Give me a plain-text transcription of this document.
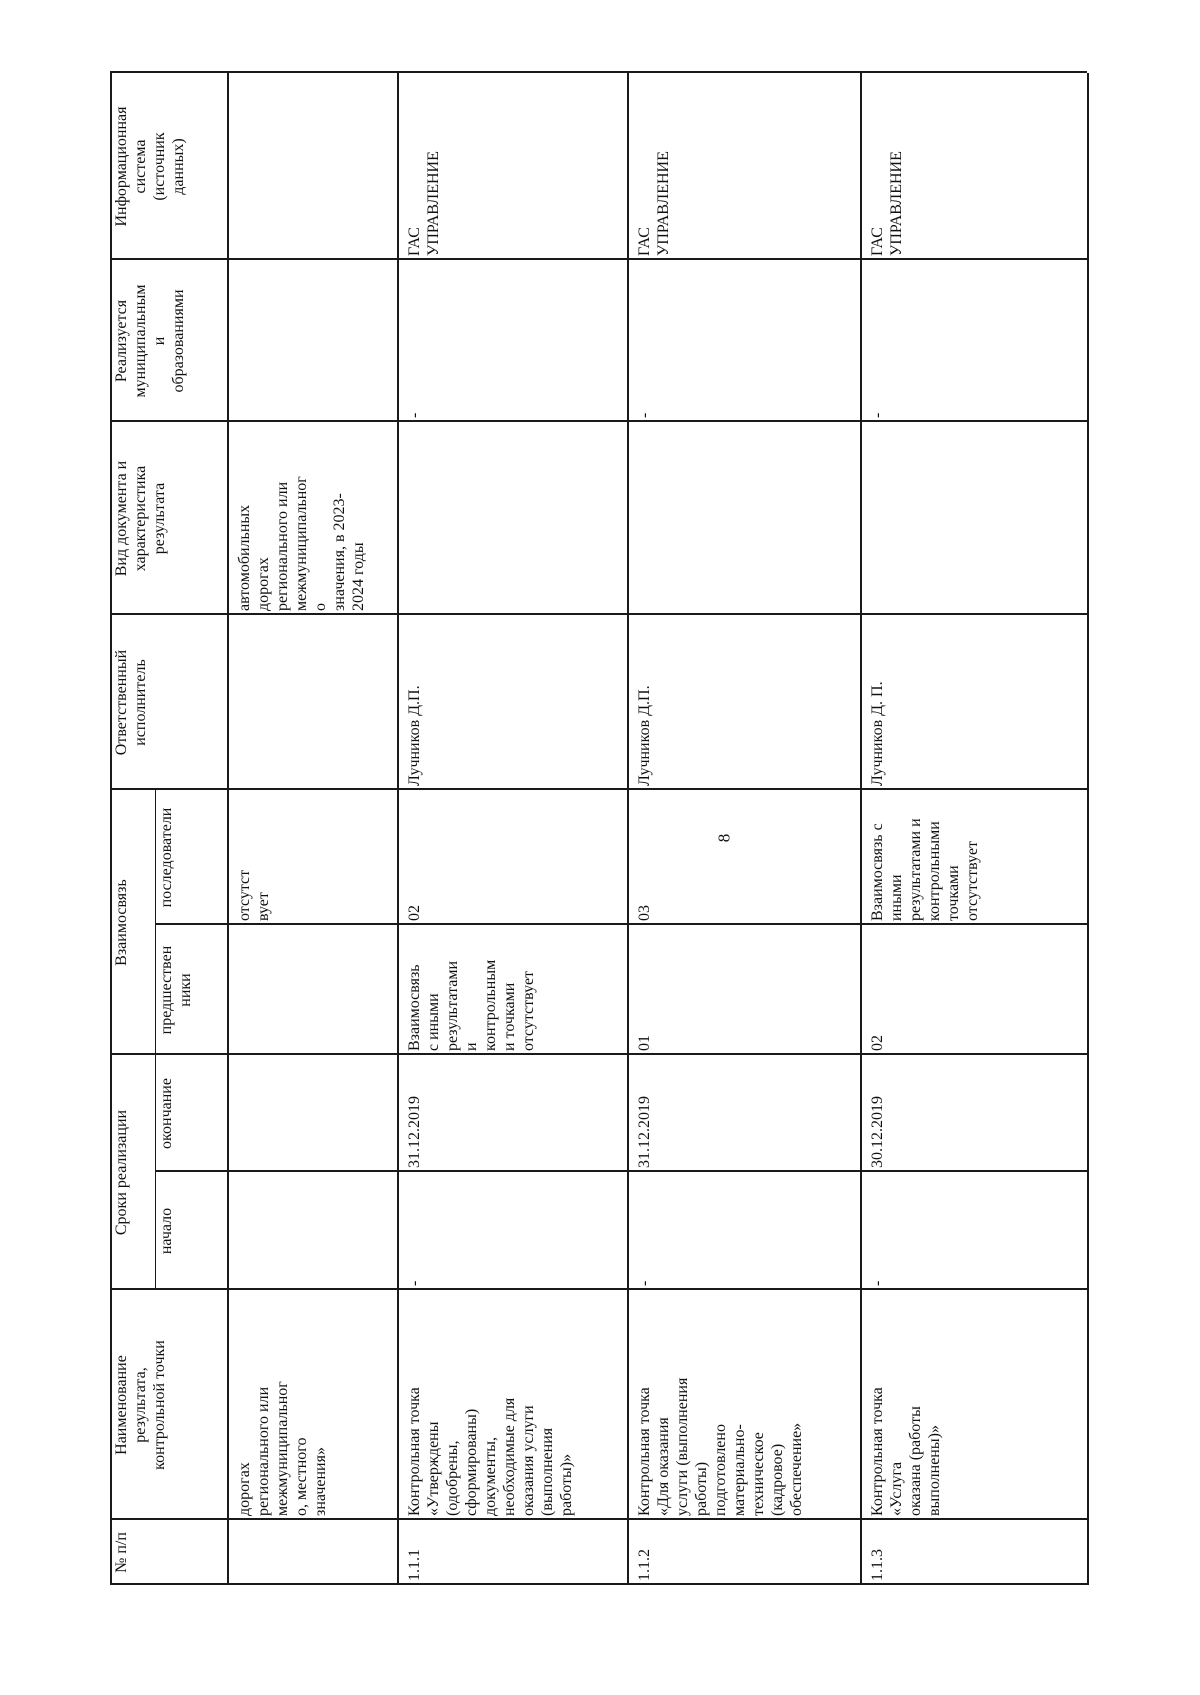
8
№ п/п
Наименование
результата,
контрольной точки
Сроки реализации	начало
окончание
Взаимосвязь
предшествен
ники
последователи
Ответственный
исполнитель
Вид документа и
характеристика
результата
Реализуется
муниципальным
и
образованиями
Информационная
система
(источник
данных)
дорогах
регионального или
межмуниципальног
о, местного
значения»
отсутст
вует
автомобильных
дорогах
регионального или
межмуниципальног
о
значения, в 2023-
2024 годы
1.1.1
Контрольная точка
«Утверждены
(одобрены,
сформированы)
документы,
необходимые для
оказания услуги
(выполнения
работы)»
-
31.12.2019
Взаимосвязь
с иными
результатами
и
контрольным
и точками
отсутствует
02
Лучников Д.П.
-
ГАС
УПРАВЛЕНИЕ
1.1.2
Контрольная точка
«Для оказания
услуги (выполнения
работы)
подготовлено
материально-
техническое
(кадровое)
обеспечение»
-
31.12.2019
01
03
Лучников Д.П.
-
ГАС
УПРАВЛЕНИЕ
1.1.3
Контрольная точка
«Услуга
оказана (работы
выполнены)»
-
30.12.2019
02
Взаимосвязь с
иными
результатами и
контрольными
точками
отсутствует
Лучников Д. П.
-
ГАС
УПРАВЛЕНИЕ
